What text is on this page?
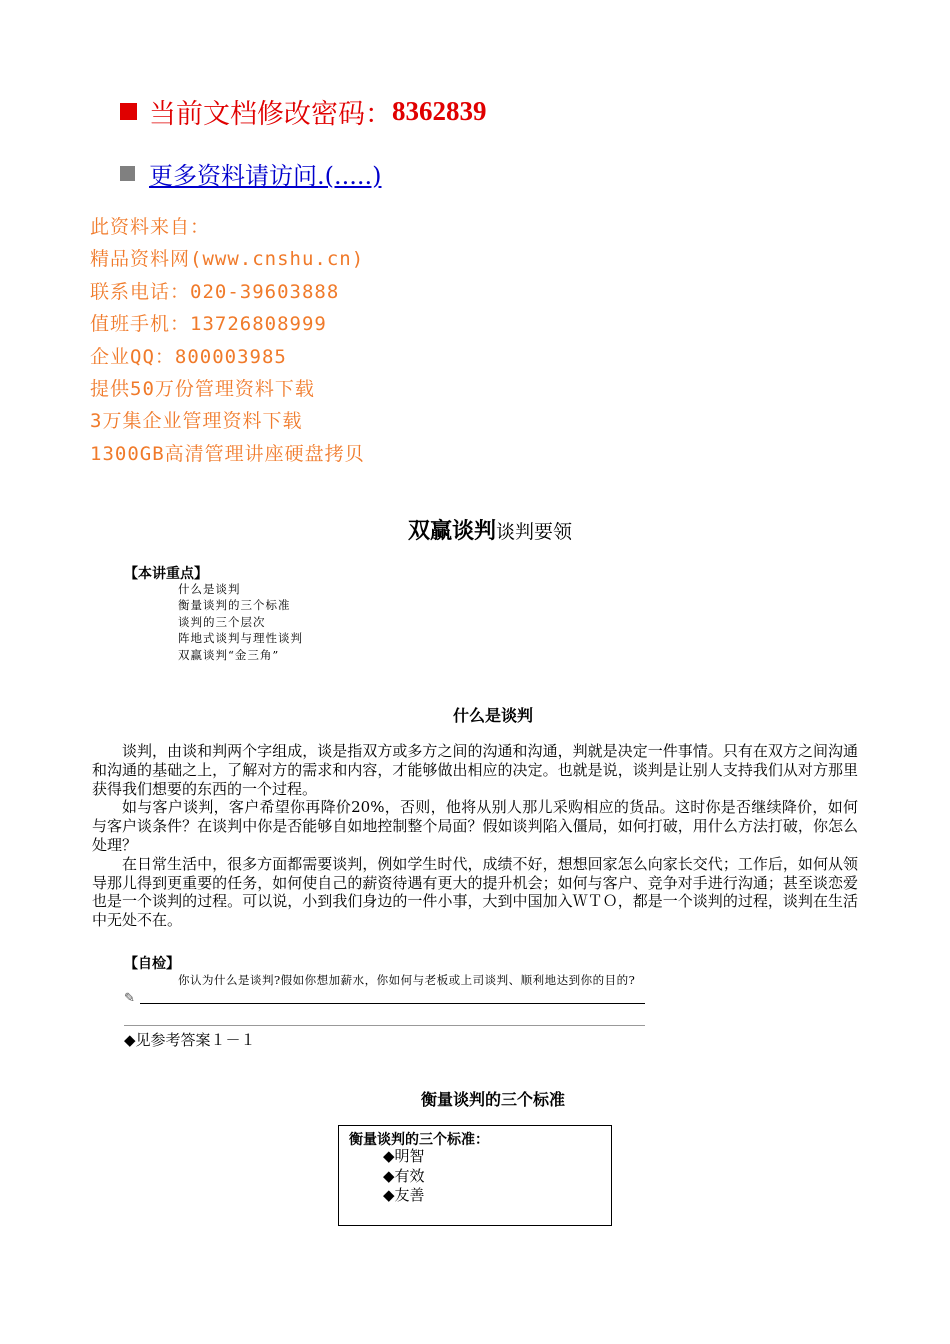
当前文档修改密码： 8362839
更多资料请访问.(.....)
此资料来自：
精品资料网(www.cnshu.cn)
联系电话：020-39603888
值班手机：13726808999
企业QQ：800003985
提供50万份管理资料下载
3万集企业管理资料下载
1300GB高清管理讲座硬盘拷贝
双赢谈判谈判要领
【本讲重点】
什么是谈判
衡量谈判的三个标准
谈判的三个层次
阵地式谈判与理性谈判
双赢谈判“金三角”
什么是谈判

谈判，由谈和判两个字组成，谈是指双方或多方之间的沟通和沟通，判就是决定一件事情。只有在双方之间沟通和沟通的基础之上，了解对方的需求和内容，才能够做出相应的决定。也就是说，谈判是让别人支持我们从对方那里获得我们想要的东西的一个过程。

如与客户谈判，客户希望你再降价20%，否则，他将从别人那儿采购相应的货品。这时你是否继续降价，如何与客户谈条件？在谈判中你是否能够自如地控制整个局面？假如谈判陷入僵局，如何打破，用什么方法打破，你怎么处理？

在日常生活中，很多方面都需要谈判，例如学生时代，成绩不好，想想回家怎么向家长交代；工作后，如何从领导那儿得到更重要的任务，如何使自己的薪资待遇有更大的提升机会；如何与客户、竞争对手进行沟通；甚至谈恋爱也是一个谈判的过程。可以说，小到我们身边的一件小事，大到中国加入ＷＴＯ，都是一个谈判的过程，谈判在生活中无处不在。

【自检】
你认为什么是谈判?假如你想加薪水，你如何与老板或上司谈判、顺利地达到你的目的?
✎
◆见参考答案１－１
衡量谈判的三个标准
衡量谈判的三个标准：
◆明智
◆有效
◆友善
